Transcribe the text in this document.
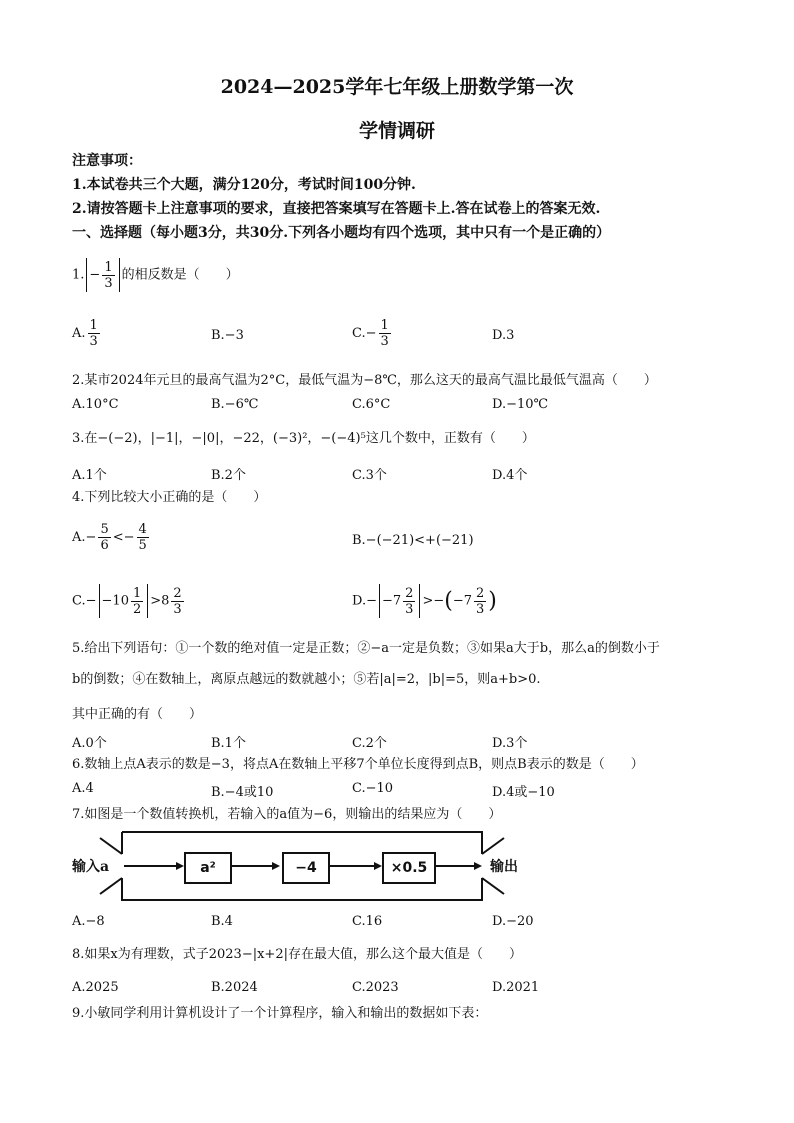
2024—2025学年七年级上册数学第一次
学情调研
注意事项：
1.本试卷共三个大题，满分120分，考试时间100分钟.
2.请按答题卡上注意事项的要求，直接把答案填写在答题卡上.答在试卷上的答案无效.
一、选择题（每小题3分，共30分.下列各小题均有四个选项，其中只有一个是正确的）
1. − $\frac{1}{3}$ 的相反数是（　　）
A. $\frac{1}{3}$	B.−3	$C.- \frac{1}{3}$	D.3
2.某市2024年元旦的最高气温为2°C，最低气温为−8℃，那么这天的最高气温比最低气温高（　　）
A.10°C	B.−6℃	C.6°C	D.−10℃
3.在−(−2)，|−1|，−|0|，−22，(−3)²，−(−4)⁵这几个数中，正数有（　　）
A.1个	B.2个	C.3个	D.4个
4.下列比较大小正确的是（　　）
$A.- \frac{5}{6} <- \frac{4}{5}$	B.−(−21)<+(−21)
$C.- -10 \frac{1}{2} >8 \frac{2}{3}$	$D.- -7 \frac{2}{3} >-(-7 \frac{2}{3}$ )
5.给出下列语句：①一个数的绝对值一定是正数；②−a一定是负数；③如果a大于b，那么a的倒数小于
b的倒数；④在数轴上，离原点越远的数就越小；⑤若|a|=2，|b|=5，则a+b>0.
其中正确的有（　　）
A.0个	B.1个	C.2个	D.3个
6.数轴上点A表示的数是−3，将点A在数轴上平移7个单位长度得到点B，则点B表示的数是（　　）
A.4	B.−4或10	C.−10	D.4或−10
7.如图是一个数值转换机，若输入的a值为−6，则输出的结果应为（　　）
输入a	a²	−4	×0.5	输出
A.−8	B.4	C.16	D.−20
8.如果x为有理数，式子2023−|x+2|存在最大值，那么这个最大值是（　　）
A.2025	B.2024	C.2023	D.2021
9.小敏同学利用计算机设计了一个计算程序，输入和输出的数据如下表：
